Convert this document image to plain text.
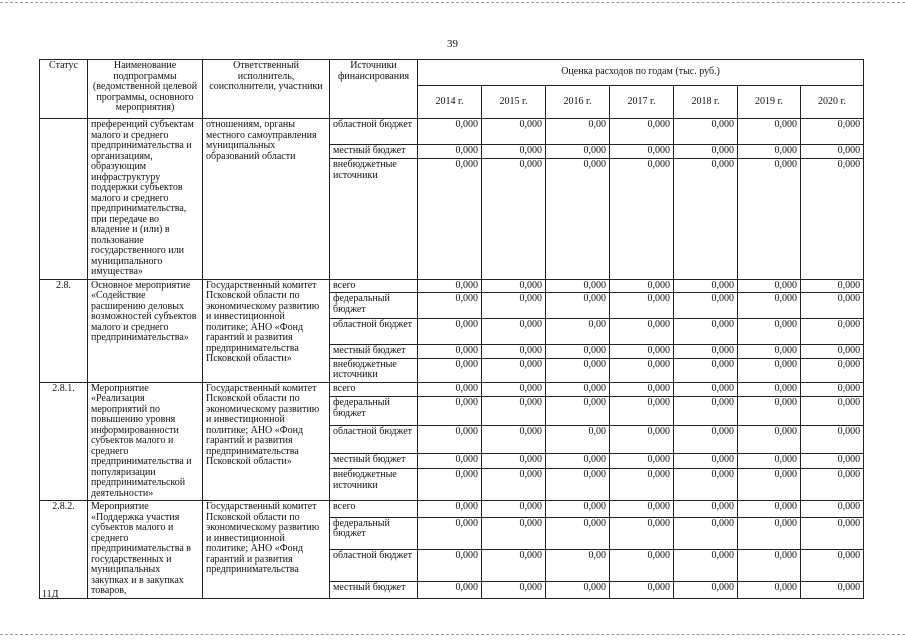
39
Статус	Наименование подпрограммы (ведомственной целевой программы, основного мероприятия)	Ответственный исполнитель, соисполнители, участники	Источники финансирования	Оценка расходов по годам (тыс. руб.)						
				2014 г.	2015 г.	2016 г.	2017 г.	2018 г.	2019 г.	2020 г.
	преференций субъектам малого и среднего предпринимательства и организациям, образующим инфраструктуру поддержки субъектов малого и среднего предпринимательства, при передаче во владение и (или) в пользование государственного или муниципального имущества»	отношениям, органы местного самоуправления муниципальных образований области	областной бюджет	0,000	0,000	0,00	0,000	0,000	0,000	0,000
			местный бюджет	0,000	0,000	0,000	0,000	0,000	0,000	0,000
			внебюджетные источники	0,000	0,000	0,000	0,000	0,000	0,000	0,000
2.8.	Основное мероприятие «Содействие расширению деловых возможностей субъектов малого и среднего предпринимательства»	Государственный комитет Псковской области по экономическому развитию и инвестиционной политике; АНО «Фонд гарантий и развития предпринимательства Псковской области»	всего	0,000	0,000	0,000	0,000	0,000	0,000	0,000
			федеральный бюджет	0,000	0,000	0,000	0,000	0,000	0,000	0,000
			областной бюджет	0,000	0,000	0,00	0,000	0,000	0,000	0,000
			местный бюджет	0,000	0,000	0,000	0,000	0,000	0,000	0,000
			внебюджетные источники	0,000	0,000	0,000	0,000	0,000	0,000	0,000
2.8.1.	Мероприятие «Реализация мероприятий по повышению уровня информированности субъектов малого и среднего предпринимательства и популяризации предпринимательской деятельности»	Государственный комитет Псковской области по экономическому развитию и инвестиционной политике; АНО «Фонд гарантий и развития предпринимательства Псковской области»	всего	0,000	0,000	0,000	0,000	0,000	0,000	0,000
			федеральный бюджет	0,000	0,000	0,000	0,000	0,000	0,000	0,000
			областной бюджет	0,000	0,000	0,00	0,000	0,000	0,000	0,000
			местный бюджет	0,000	0,000	0,000	0,000	0,000	0,000	0,000
			внебюджетные источники	0,000	0,000	0,000	0,000	0,000	0,000	0,000
2.8.2.	Мероприятие «Поддержка участия субъектов малого и среднего предпринимательства в государственных и муниципальных закупках и в закупках товаров,	Государственный комитет Псковской области по экономическому развитию и инвестиционной политике; АНО «Фонд гарантий и развития предпринимательства	всего	0,000	0,000	0,000	0,000	0,000	0,000	0,000
			федеральный бюджет	0,000	0,000	0,000	0,000	0,000	0,000	0,000
			областной бюджет	0,000	0,000	0,00	0,000	0,000	0,000	0,000
			местный бюджет	0,000	0,000	0,000	0,000	0,000	0,000	0,000
11Д
